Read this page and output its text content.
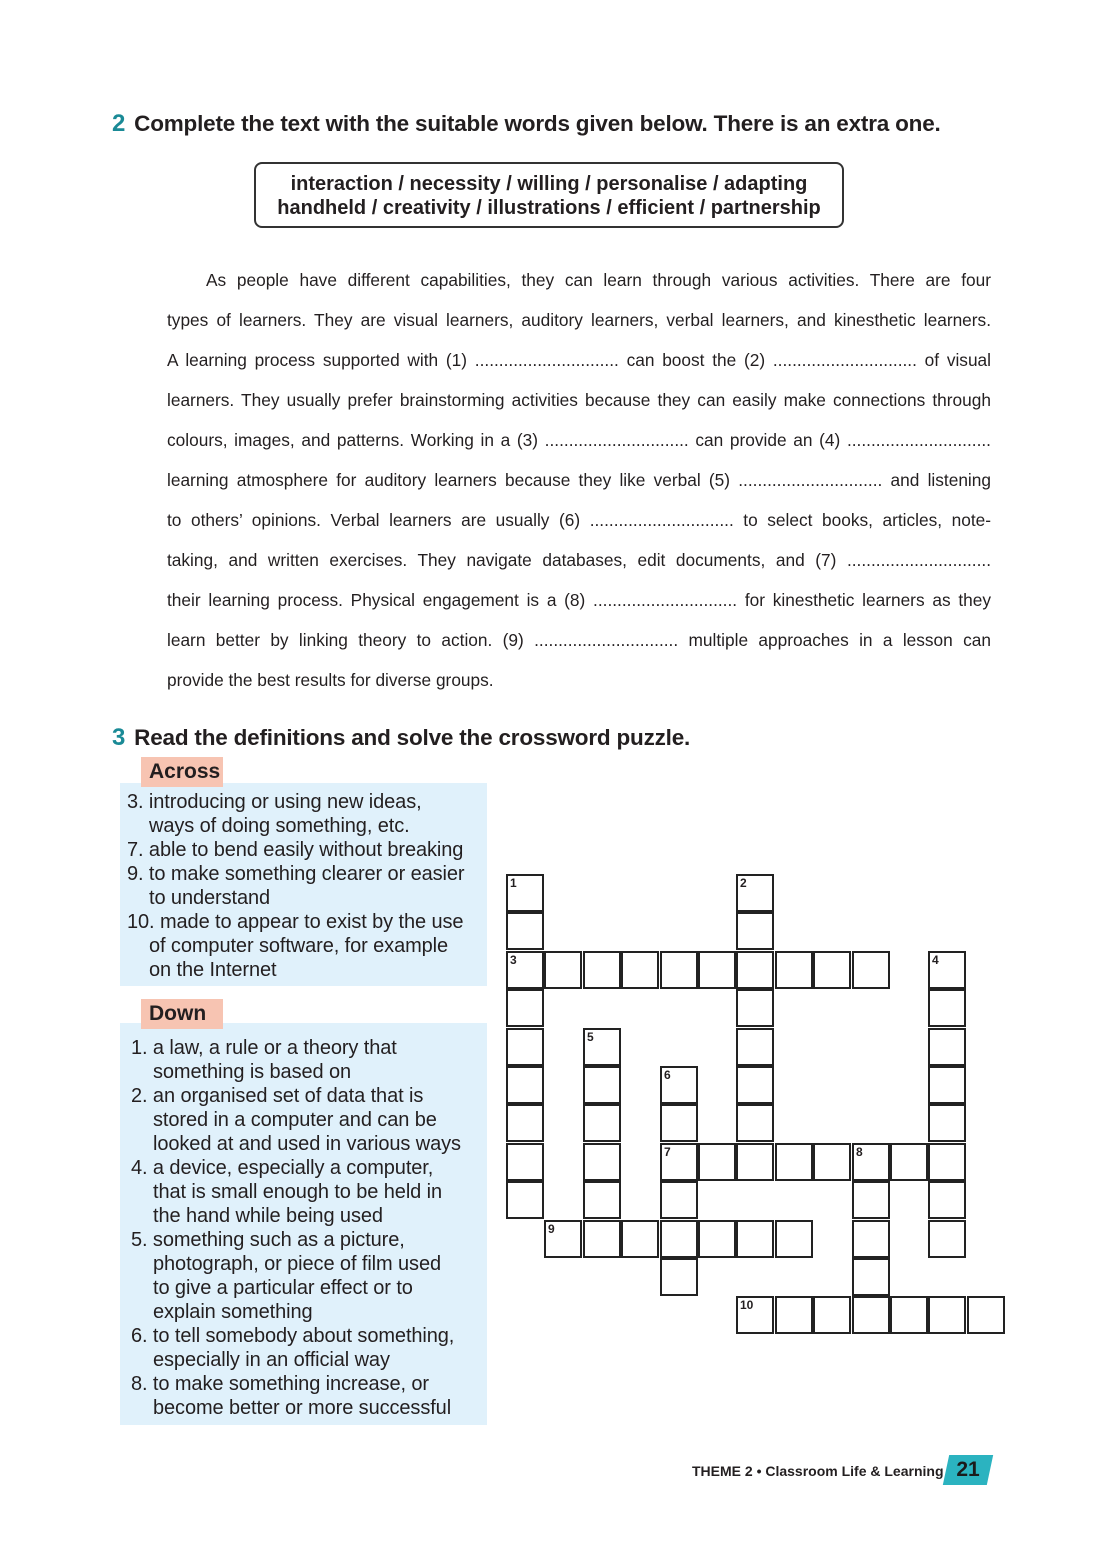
2 Complete the text with the suitable words given below. There is an extra one.
interaction / necessity / willing / personalise / adapting
handheld / creativity / illustrations / efficient / partnership
As people have different capabilities, they can learn through various activities. There are four
types of learners. They are visual learners, auditory learners, verbal learners, and kinesthetic learners.
A learning process supported with (1) .............................. can boost the (2) .............................. of visual
learners. They usually prefer brainstorming activities because they can easily make connections through
colours, images, and patterns. Working in a (3) .............................. can provide an (4) ..............................
learning atmosphere for auditory learners because they like verbal (5) .............................. and listening
to others’ opinions. Verbal learners are usually (6) .............................. to select books, articles, note-
taking, and written exercises. They navigate databases, edit documents, and (7) ..............................
their learning process. Physical engagement is a (8) .............................. for kinesthetic learners as they
learn better by linking theory to action. (9) .............................. multiple approaches in a lesson can
provide the best results for diverse groups.
3 Read the definitions and solve the crossword puzzle.
3. introducing or using new ideas,
ways of doing something, etc.
7. able to bend easily without breaking
9. to make something clearer or easier
to understand
10. made to appear to exist by the use
of computer software, for example
on the Internet
Across
1. a law, a rule or a theory that
something is based on
2. an organised set of data that is
stored in a computer and can be
looked at and used in various ways
4. a device, especially a computer,
that is small enough to be held in
the hand while being used
5. something such as a picture,
photograph, or piece of film used
to give a particular effect or to
explain something
6. to tell somebody about something,
especially in an official way
8. to make something increase, or
become better or more successful
Down
1
3
2
4
5
6
7	8
9
10
THEME 2 • Classroom Life & Learning 21
